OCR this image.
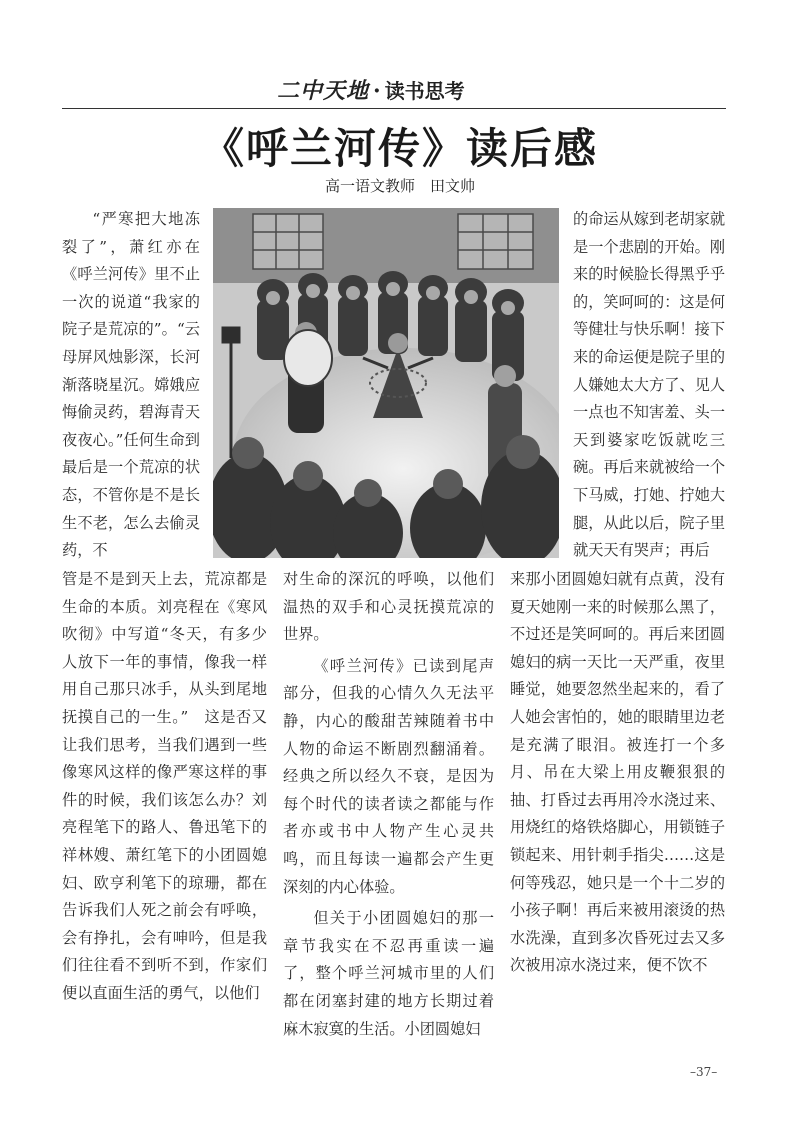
二中天地 · 读书思考
《呼兰河传》读后感
高一语文教师　田文帅

“严寒把大地冻裂了”，萧红亦在《呼兰河传》里不止一次的说道“我家的院子是荒凉的”。“云母屏风烛影深，长河渐落晓星沉。嫦娥应悔偷灵药，碧海青天夜夜心。”任何生命到最后是一个荒凉的状态，不管你是不是长生不老，怎么去偷灵药，不

管是不是到天上去，荒凉都是生命的本质。刘亮程在《寒风吹彻》中写道“冬天，有多少人放下一年的事情，像我一样用自己那只冰手，从头到尾地抚摸自己的一生。”　这是否又让我们思考，当我们遇到一些像寒风这样的像严寒这样的事件的时候，我们该怎么办？刘亮程笔下的路人、鲁迅笔下的祥林嫂、萧红笔下的小团圆媳妇、欧亨利笔下的琼珊，都在告诉我们人死之前会有呼唤，会有挣扎，会有呻吟，但是我们往往看不到听不到，作家们便以直面生活的勇气，以他们

对生命的深沉的呼唤，以他们温热的双手和心灵抚摸荒凉的世界。

《呼兰河传》已读到尾声部分，但我的心情久久无法平静，内心的酸甜苦辣随着书中人物的命运不断剧烈翻涌着。经典之所以经久不衰，是因为每个时代的读者读之都能与作者亦或书中人物产生心灵共鸣，而且每读一遍都会产生更深刻的内心体验。

但关于小团圆媳妇的那一章节我实在不忍再重读一遍了，整个呼兰河城市里的人们都在闭塞封建的地方长期过着麻木寂寞的生活。小团圆媳妇

的命运从嫁到老胡家就是一个悲剧的开始。刚来的时候脸长得黑乎乎的，笑呵呵的：这是何等健壮与快乐啊！接下来的命运便是院子里的人嫌她太大方了、见人一点也不知害羞、头一天到婆家吃饭就吃三碗。再后来就被给一个下马威，打她、拧她大腿，从此以后，院子里就天天有哭声；再后

来那小团圆媳妇就有点黄，没有夏天她刚一来的时候那么黑了，不过还是笑呵呵的。再后来团圆媳妇的病一天比一天严重，夜里睡觉，她要忽然坐起来的，看了人她会害怕的，她的眼睛里边老是充满了眼泪。被连打一个多月、吊在大梁上用皮鞭狠狠的抽、打昏过去再用冷水浇过来、用烧红的烙铁烙脚心，用锁链子锁起来、用针刺手指尖……这是何等残忍，她只是一个十二岁的小孩子啊！再后来被用滚烫的热水洗澡，直到多次昏死过去又多次被用凉水浇过来，便不饮不

–37–
